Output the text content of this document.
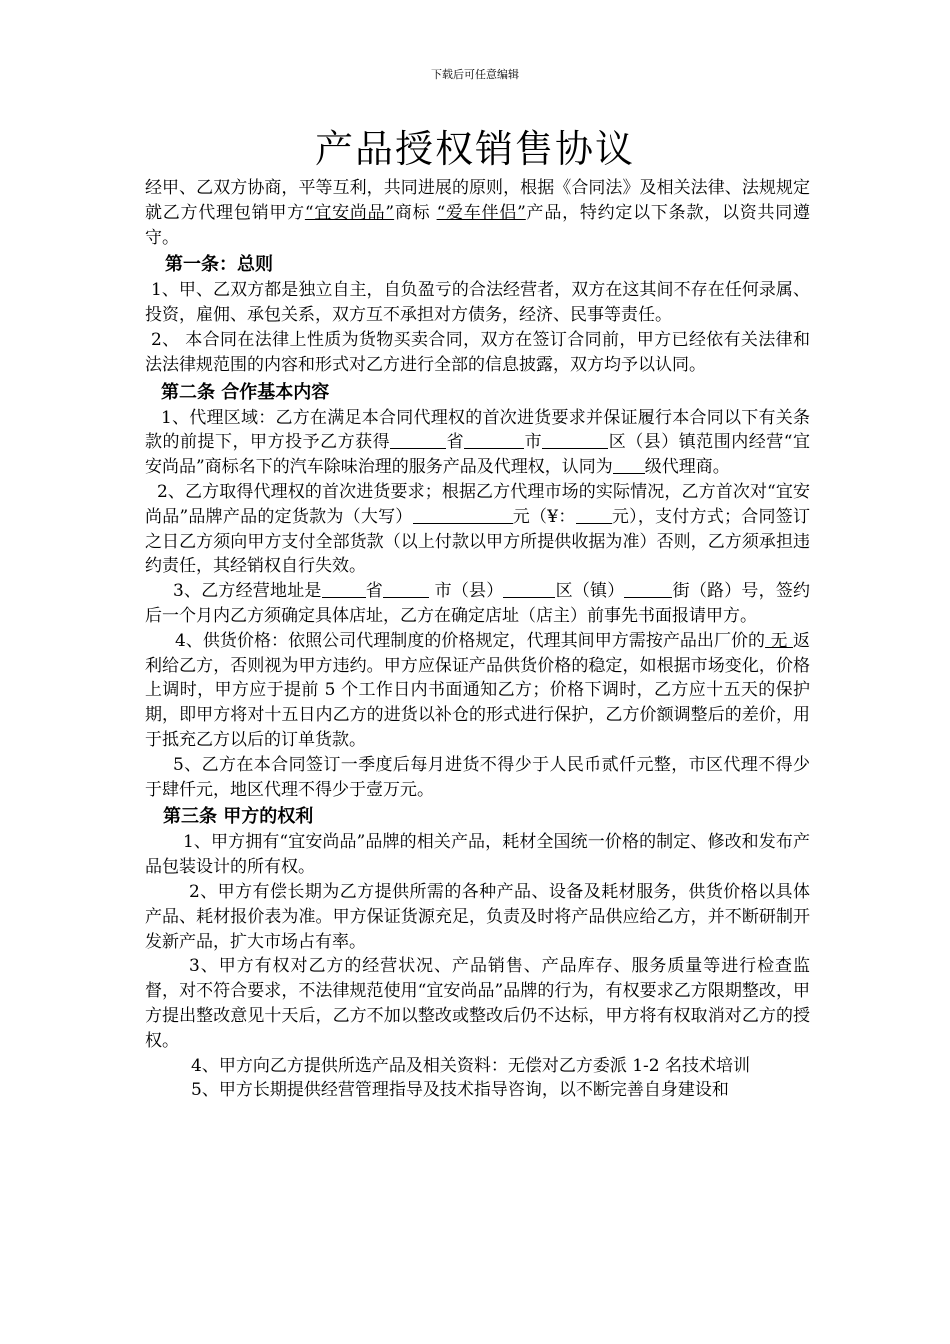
下载后可任意编辑
产品授权销售协议

经甲、乙双方协商，平等互利，共同进展的原则，根据《合同法》及相关法律、法规规定就乙方代理包销甲方“宜安尚品”商标 “爱车伴侣”产品，特约定以下条款，以资共同遵守。

第一条：总则

1、甲、乙双方都是独立自主，自负盈亏的合法经营者，双方在这其间不存在任何录属、投资，雇佣、承包关系，双方互不承担对方债务，经济、民事等责任。

2、 本合同在法律上性质为货物买卖合同，双方在签订合同前，甲方已经依有关法律和法法律规范围的内容和形式对乙方进行全部的信息披露，双方均予以认同。

第二条 合作基本内容

1、代理区域：乙方在满足本合同代理权的首次进货要求并保证履行本合同以下有关条款的前提下，甲方投予乙方获得	省	市	区（县）镇范围内经营“宜安尚品”商标名下的汽车除味治理的服务产品及代理权，认同为 级代理商。

2、乙方取得代理权的首次进货要求；根据乙方代理市场的实际情况，乙方首次对“宜安尚品”品牌产品的定货款为（大写）	元（¥： 元），支付方式；合同签订之日乙方须向甲方支付全部货款（以上付款以甲方所提供收据为准）否则，乙方须承担违约责任，其经销权自行失效。

3、乙方经营地址是	省	市（县）	区（镇）	街（路）号，签约后一个月内乙方须确定具体店址，乙方在确定店址（店主）前事先书面报请甲方。

4、供货价格：依照公司代理制度的价格规定，代理其间甲方需按产品出厂价的 无 返利给乙方，否则视为甲方违约。甲方应保证产品供货价格的稳定，如根据市场变化，价格上调时，甲方应于提前 5 个工作日内书面通知乙方；价格下调时，乙方应十五天的保护期，即甲方将对十五日内乙方的进货以补仓的形式进行保护，乙方价额调整后的差价，用于抵充乙方以后的订单货款。

5、乙方在本合同签订一季度后每月进货不得少于人民币贰仟元整，市区代理不得少于肆仟元，地区代理不得少于壹万元。

第三条 甲方的权利

1、甲方拥有“宜安尚品”品牌的相关产品，耗材全国统一价格的制定、修改和发布产品包装设计的所有权。

2、甲方有偿长期为乙方提供所需的各种产品、设备及耗材服务，供货价格以具体产品、耗材报价表为准。甲方保证货源充足，负责及时将产品供应给乙方，并不断研制开发新产品，扩大市场占有率。

3、甲方有权对乙方的经营状况、产品销售、产品库存、服务质量等进行检查监督，对不符合要求，不法律规范使用“宜安尚品”品牌的行为，有权要求乙方限期整改，甲方提出整改意见十天后，乙方不加以整改或整改后仍不达标，甲方将有权取消对乙方的授权。

4、甲方向乙方提供所选产品及相关资料：无偿对乙方委派 1-2 名技术培训

5、甲方长期提供经营管理指导及技术指导咨询，以不断完善自身建设和
